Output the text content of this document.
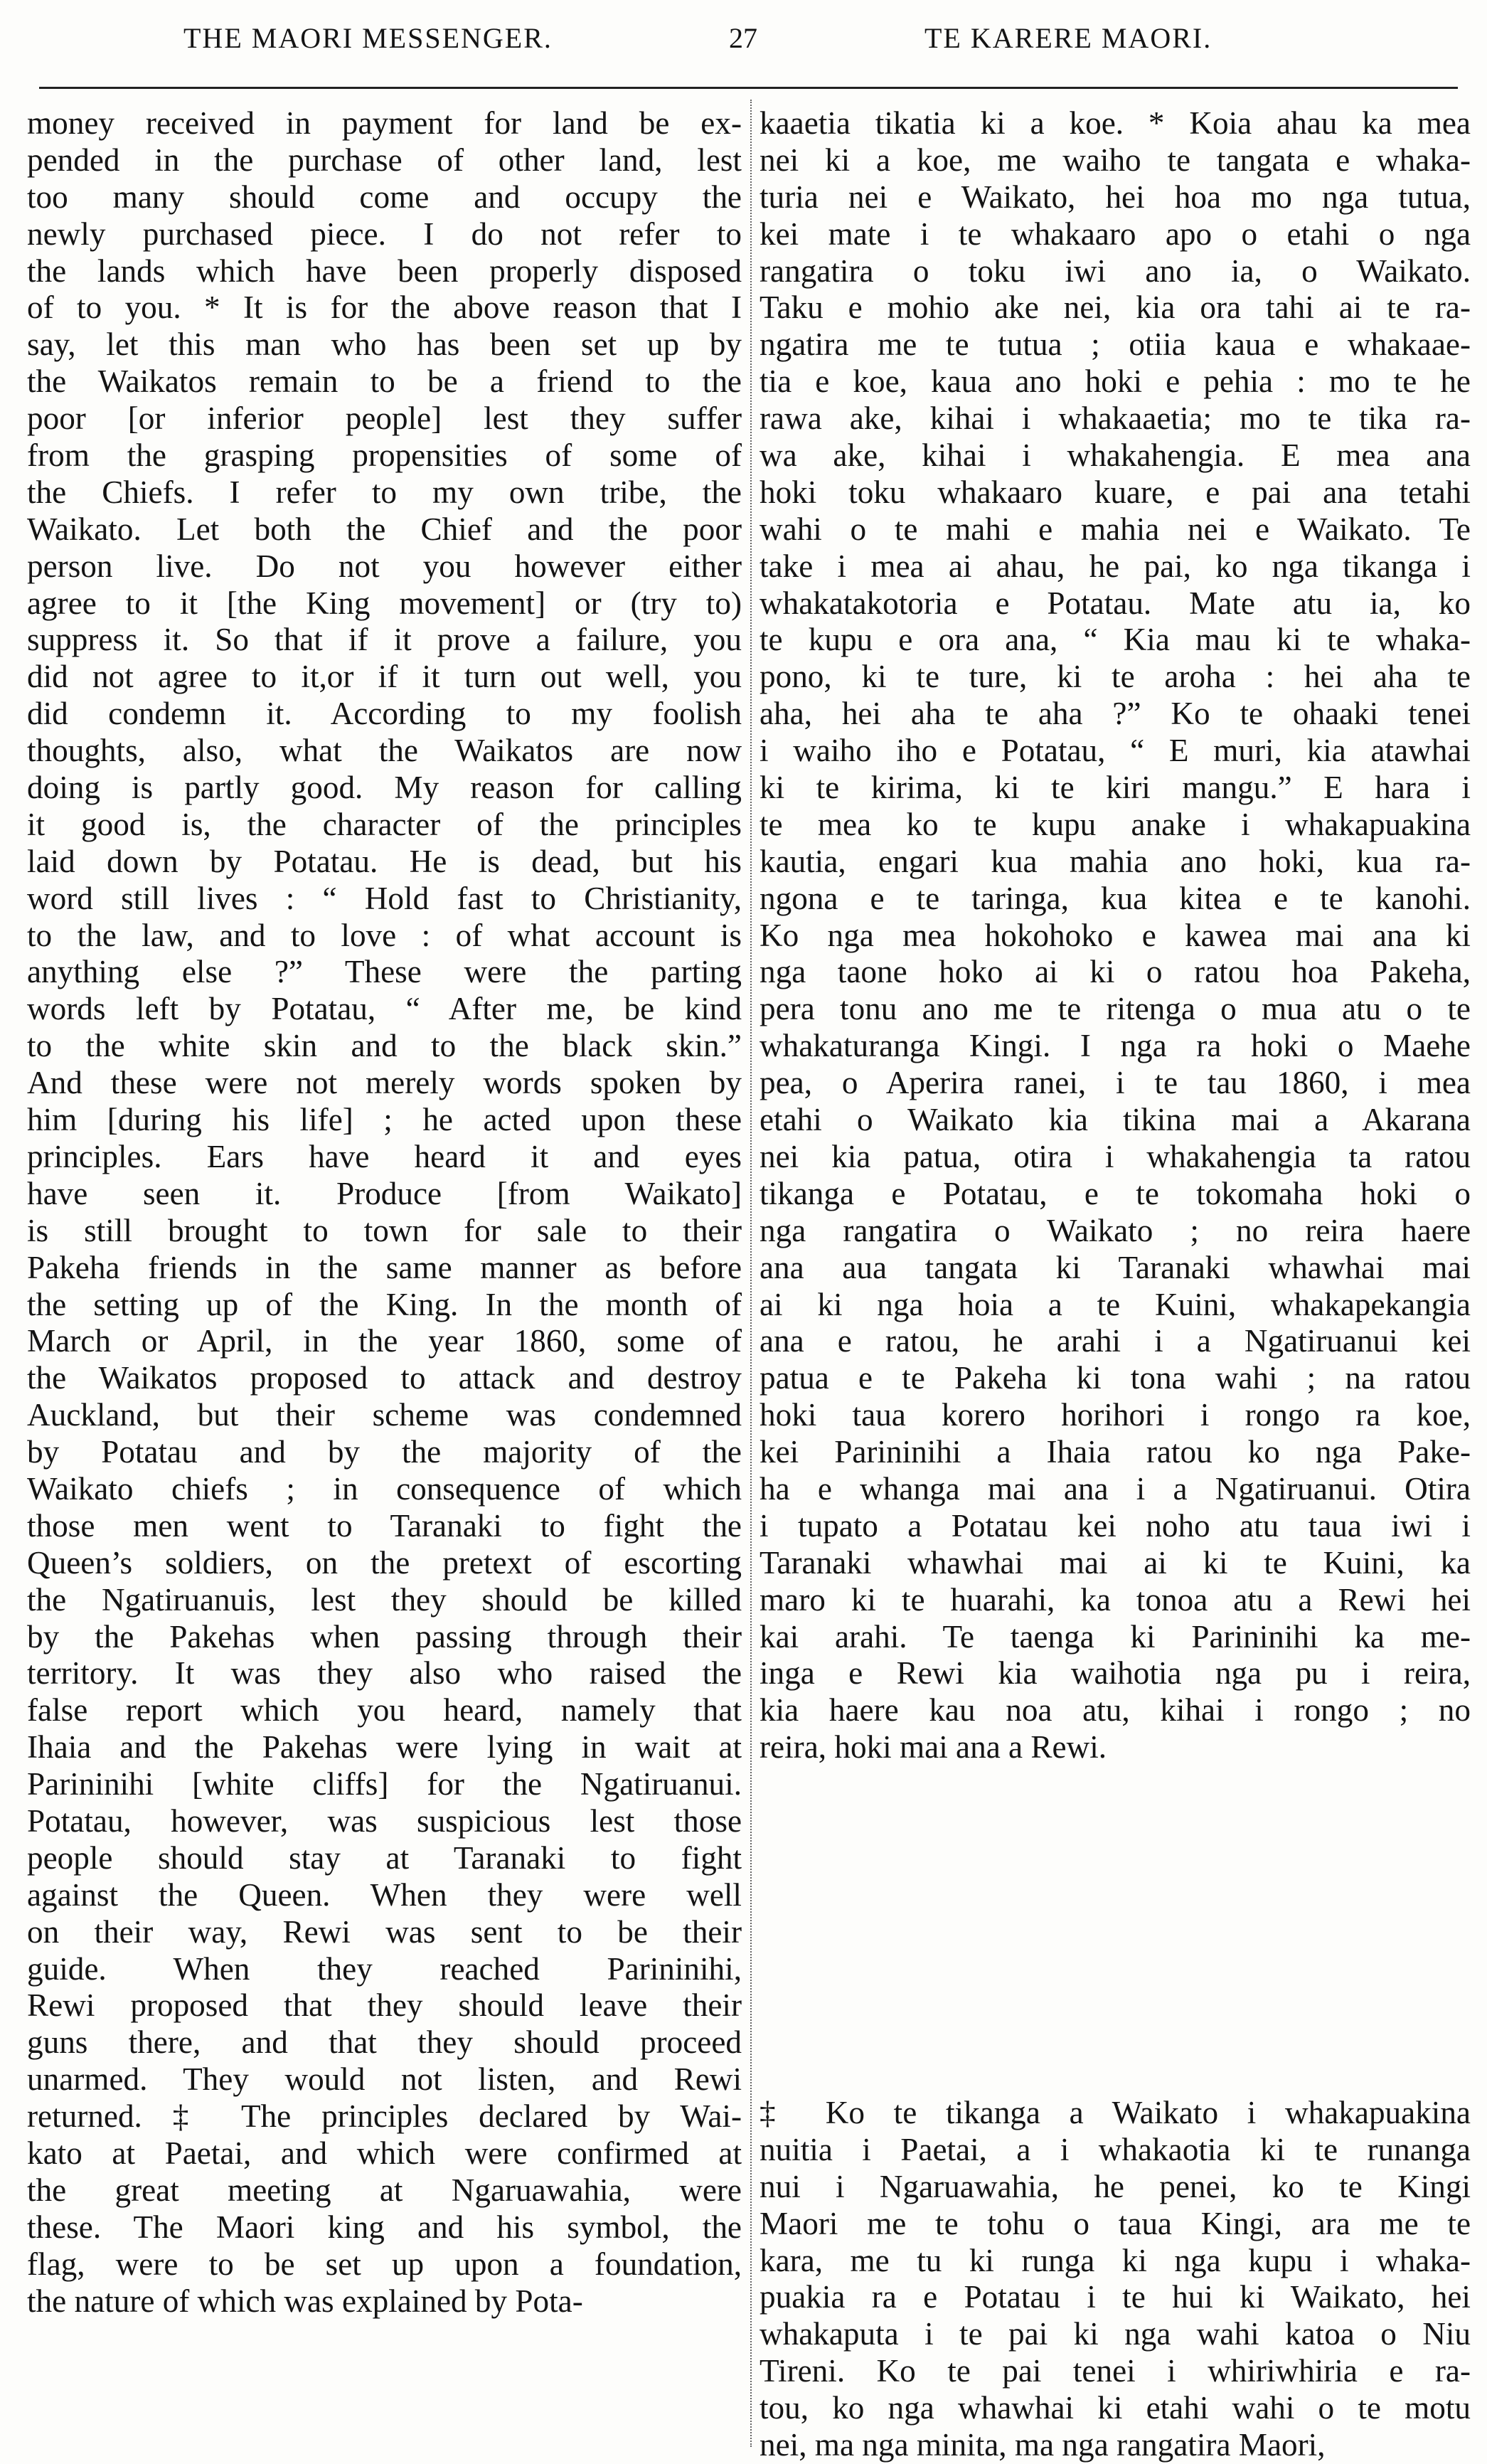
THE MAORI MESSENGER.	27	TE KARERE MAORI.
money received in payment for land be ex-
pended in the purchase of other land, lest
too many should come and occupy the
newly purchased piece. I do not refer to
the lands which have been properly disposed
of to you. * It is for the above reason that I
say, let this man who has been set up by
the Waikatos remain to be a friend to the
poor [or inferior people] lest they suffer
from the grasping propensities of some of
the Chiefs. I refer to my own tribe, the
Waikato. Let both the Chief and the poor
person live. Do not you however either
agree to it [the King movement] or (try to)
suppress it. So that if it prove a failure, you
did not agree to it,or if it turn out well, you
did condemn it. According to my foolish
thoughts, also, what the Waikatos are now
doing is partly good. My reason for calling
it good is, the character of the principles
laid down by Potatau. He is dead, but his
word still lives : “ Hold fast to Christianity,
to the law, and to love : of what account is
anything else ?” These were the parting
words left by Potatau, “ After me, be kind
to the white skin and to the black skin.”
And these were not merely words spoken by
him [during his life] ; he acted upon these
principles. Ears have heard it and eyes
have seen it. Produce [from Waikato]
is still brought to town for sale to their
Pakeha friends in the same manner as before
the setting up of the King. In the month of
March or April, in the year 1860, some of
the Waikatos proposed to attack and destroy
Auckland, but their scheme was condemned
by Potatau and by the majority of the
Waikato chiefs ; in consequence of which
those men went to Taranaki to fight the
Queen’s soldiers, on the pretext of escorting
the Ngatiruanuis, lest they should be killed
by the Pakehas when passing through their
territory. It was they also who raised the
false report which you heard, namely that
Ihaia and the Pakehas were lying in wait at
Parininihi [white cliffs] for the Ngatiruanui.
Potatau, however, was suspicious lest those
people should stay at Taranaki to fight
against the Queen. When they were well
on their way, Rewi was sent to be their
guide. When they reached Parininihi,
Rewi proposed that they should leave their
guns there, and that they should proceed
unarmed. They would not listen, and Rewi
returned. ‡ The principles declared by Wai-
kato at Paetai, and which were confirmed at
the great meeting at Ngaruawahia, were
these. The Maori king and his symbol, the
flag, were to be set up upon a foundation,
the nature of which was explained by Pota-
kaaetia tikatia ki a koe. * Koia ahau ka mea
nei ki a koe, me waiho te tangata e whaka-
turia nei e Waikato, hei hoa mo nga tutua,
kei mate i te whakaaro apo o etahi o nga
rangatira o toku iwi ano ia, o Waikato.
Taku e mohio ake nei, kia ora tahi ai te ra-
ngatira me te tutua ; otiia kaua e whakaae-
tia e koe, kaua ano hoki e pehia : mo te he
rawa ake, kihai i whakaaetia; mo te tika ra-
wa ake, kihai i whakahengia. E mea ana
hoki toku whakaaro kuare, e pai ana tetahi
wahi o te mahi e mahia nei e Waikato. Te
take i mea ai ahau, he pai, ko nga tikanga i
whakatakotoria e Potatau. Mate atu ia, ko
te kupu e ora ana, “ Kia mau ki te whaka-
pono, ki te ture, ki te aroha : hei aha te
aha, hei aha te aha ?” Ko te ohaaki tenei
i waiho iho e Potatau, “ E muri, kia atawhai
ki te kirima, ki te kiri mangu.” E hara i
te mea ko te kupu anake i whakapuakina
kautia, engari kua mahia ano hoki, kua ra-
ngona e te taringa, kua kitea e te kanohi.
Ko nga mea hokohoko e kawea mai ana ki
nga taone hoko ai ki o ratou hoa Pakeha,
pera tonu ano me te ritenga o mua atu o te
whakaturanga Kingi. I nga ra hoki o Maehe
pea, o Aperira ranei, i te tau 1860, i mea
etahi o Waikato kia tikina mai a Akarana
nei kia patua, otira i whakahengia ta ratou
tikanga e Potatau, e te tokomaha hoki o
nga rangatira o Waikato ; no reira haere
ana aua tangata ki Taranaki whawhai mai
ai ki nga hoia a te Kuini, whakapekangia
ana e ratou, he arahi i a Ngatiruanui kei
patua e te Pakeha ki tona wahi ; na ratou
hoki taua korero horihori i rongo ra koe,
kei Parininihi a Ihaia ratou ko nga Pake-
ha e whanga mai ana i a Ngatiruanui. Otira
i tupato a Potatau kei noho atu taua iwi i
Taranaki whawhai mai ai ki te Kuini, ka
maro ki te huarahi, ka tonoa atu a Rewi hei
kai arahi. Te taenga ki Parininihi ka me-
inga e Rewi kia waihotia nga pu i reira,
kia haere kau noa atu, kihai i rongo ; no
reira, hoki mai ana a Rewi.
‡ Ko te tikanga a Waikato i whakapuakina
nuitia i Paetai, a i whakaotia ki te runanga
nui i Ngaruawahia, he penei, ko te Kingi
Maori me te tohu o taua Kingi, ara me te
kara, me tu ki runga ki nga kupu i whaka-
puakia ra e Potatau i te hui ki Waikato, hei
whakaputa i te pai ki nga wahi katoa o Niu
Tireni. Ko te pai tenei i whiriwhiria e ra-
tou, ko nga whawhai ki etahi wahi o te motu
nei, ma nga minita, ma nga rangatira Maori,
